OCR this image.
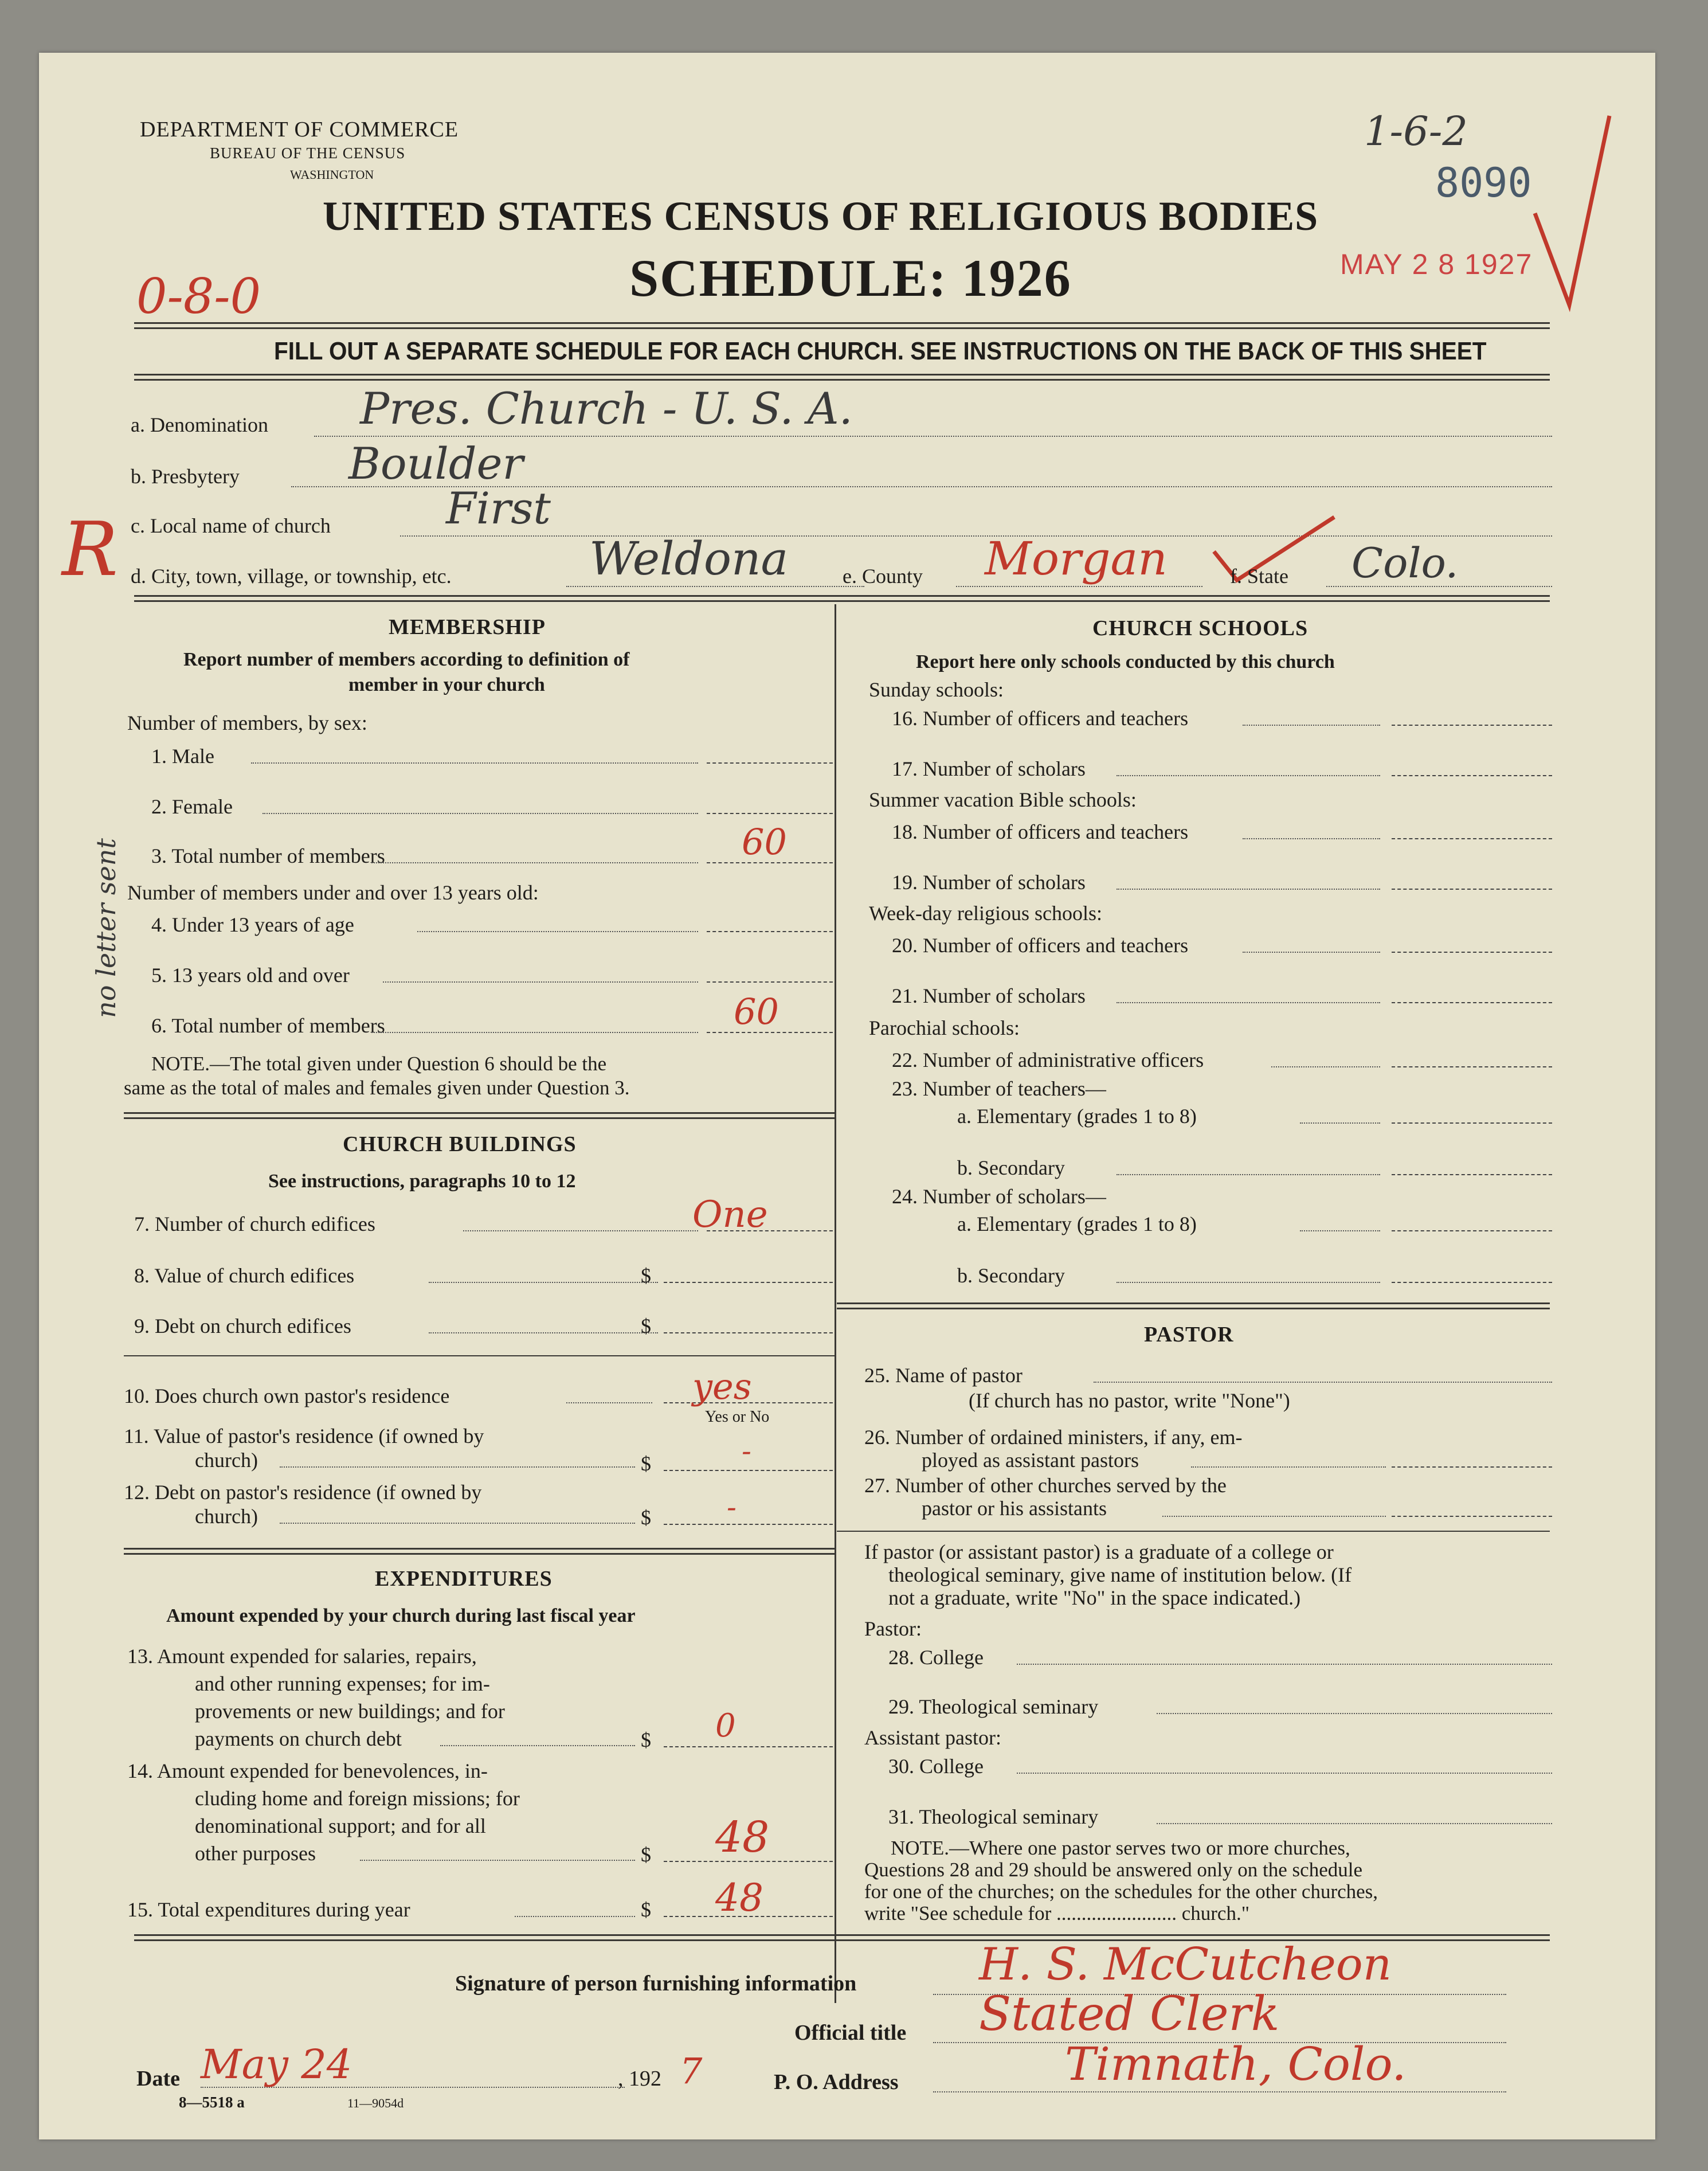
DEPARTMENT OF COMMERCE
BUREAU OF THE CENSUS
WASHINGTON
1-6-2
8090
UNITED STATES CENSUS OF RELIGIOUS BODIES
SCHEDULE: 1926	MAY 2 8 1927
0-8-0
FILL OUT A SEPARATE SCHEDULE FOR EACH CHURCH. SEE INSTRUCTIONS ON THE BACK OF THIS SHEET
a. Denomination Pres. Church - U. S. A.
b. Presbytery	Boulder
c. Local name of church	First
R d. City, town, village, or township, etc.	Weldona	e. County Morgan	f. State Colo.
MEMBERSHIP
Report number of members according to definition of
member in your church
Number of members, by sex:
1. Male
2. Female
3. Total number of members	60
Number of members under and over 13 years old:
4. Under 13 years of age
5. 13 years old and over
6. Total number of members	60
NOTE.—The total given under Question 6 should be the
same as the total of males and females given under Question 3.
no letter sent
CHURCH BUILDINGS
See instructions, paragraphs 10 to 12
7. Number of church edifices	One
8. Value of church edifices	$
9. Debt on church edifices	$
10. Does church own pastor's residence	yes
Yes or No
11. Value of pastor's residence (if owned by
church)	$	-
12. Debt on pastor's residence (if owned by
church)	$	-
EXPENDITURES
Amount expended by your church during last fiscal year
13. Amount expended for salaries, repairs,
and other running expenses; for im-
provements or new buildings; and for
payments on church debt	$ 0
14. Amount expended for benevolences, in-
cluding home and foreign missions; for
denominational support; and for all
other purposes	$ 48
15. Total expenditures during year	$ 48
CHURCH SCHOOLS
Report here only schools conducted by this church
Sunday schools:
16. Number of officers and teachers
17. Number of scholars
Summer vacation Bible schools:
18. Number of officers and teachers
19. Number of scholars
Week-day religious schools:
20. Number of officers and teachers
21. Number of scholars
Parochial schools:
22. Number of administrative officers
23. Number of teachers—
a. Elementary (grades 1 to 8)
b. Secondary
24. Number of scholars—
a. Elementary (grades 1 to 8)
b. Secondary
PASTOR
25. Name of pastor
(If church has no pastor, write "None")
26. Number of ordained ministers, if any, em-
ployed as assistant pastors
27. Number of other churches served by the
pastor or his assistants
If pastor (or assistant pastor) is a graduate of a college or
theological seminary, give name of institution below. (If
not a graduate, write "No" in the space indicated.)
Pastor:
28. College
29. Theological seminary
Assistant pastor:
30. College
31. Theological seminary
NOTE.—Where one pastor serves two or more churches,
Questions 28 and 29 should be answered only on the schedule
for one of the churches; on the schedules for the other churches,
write "See schedule for ........................ church."
Signature of person furnishing information	H. S. McCutcheon
Official title Stated Clerk
Date May 24	, 192 7	P. O. Address	Timnath, Colo.
8—5518 a	11—9054d
